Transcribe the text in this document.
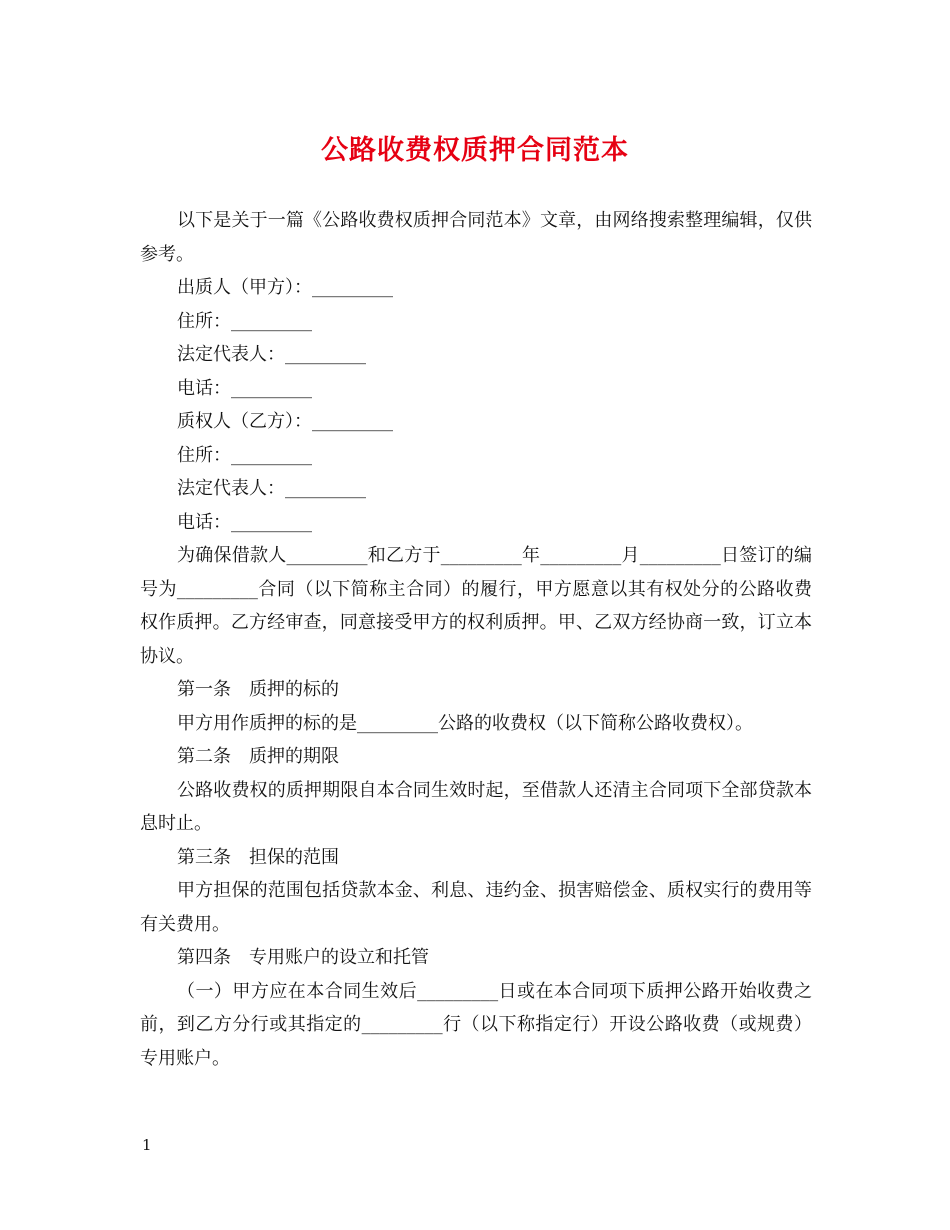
公路收费权质押合同范本

以下是关于一篇《公路收费权质押合同范本》文章，由网络搜索整理编辑，仅供参考。

出质人（甲方）：_________

住所：_________

法定代表人：_________

电话：_________

质权人（乙方）：_________

住所：_________

法定代表人：_________

电话：_________

为确保借款人_________和乙方于_________年_________月_________日签订的编号为_________合同（以下简称主合同）的履行，甲方愿意以其有权处分的公路收费权作质押。乙方经审查，同意接受甲方的权利质押。甲、乙双方经协商一致，订立本协议。

第一条　质押的标的

甲方用作质押的标的是_________公路的收费权（以下简称公路收费权）。

第二条　质押的期限

公路收费权的质押期限自本合同生效时起，至借款人还清主合同项下全部贷款本息时止。

第三条　担保的范围

甲方担保的范围包括贷款本金、利息、违约金、损害赔偿金、质权实行的费用等有关费用。

第四条　专用账户的设立和托管

（一）甲方应在本合同生效后_________日或在本合同项下质押公路开始收费之前，到乙方分行或其指定的_________行（以下称指定行）开设公路收费（或规费）专用账户。

1
